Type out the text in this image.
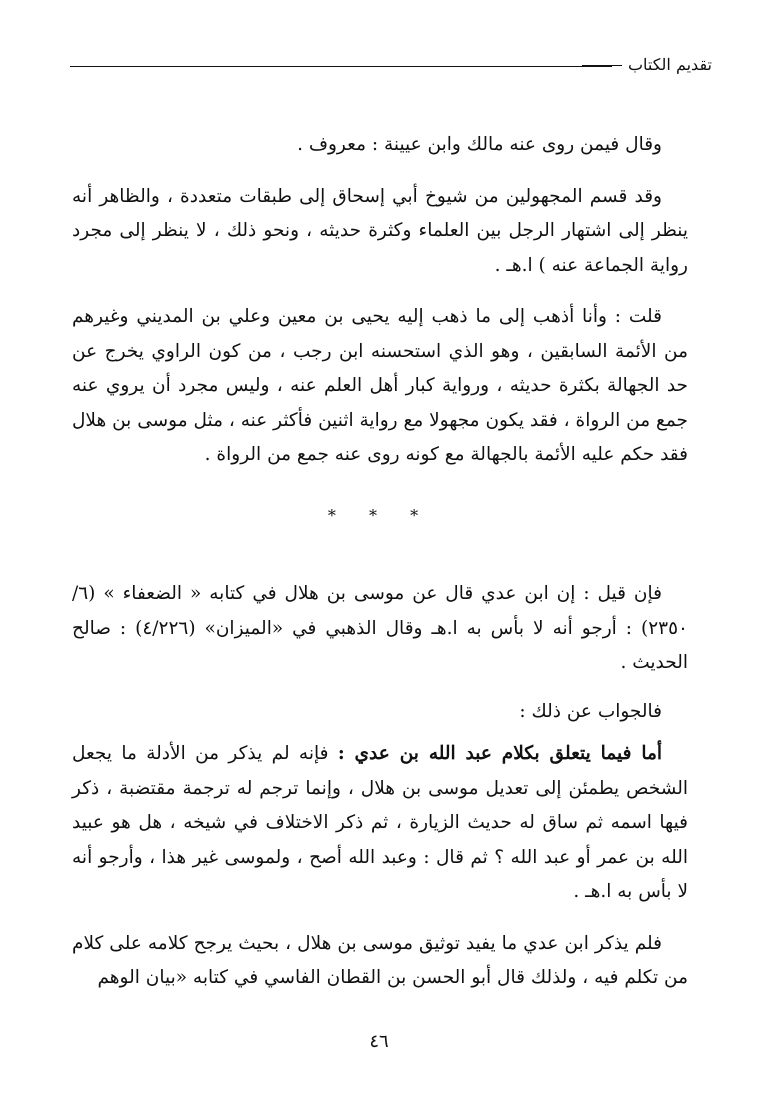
تقديم الكتاب

وقال فيمن روى عنه مالك وابن عيينة : معروف .

وقد قسم المجهولين من شيوخ أبي إسحاق إلى طبقات متعددة ، والظاهر أنه ينظر إلى اشتهار الرجل بين العلماء وكثرة حديثه ، ونحو ذلك ، لا ينظر إلى مجرد رواية الجماعة عنه ) ا.هـ .

قلت : وأنا أذهب إلى ما ذهب إليه يحيى بن معين وعلي بن المديني وغيرهم من الأئمة السابقين ، وهو الذي استحسنه ابن رجب ، من كون الراوي يخرج عن حد الجهالة بكثرة حديثه ، ورواية كبار أهل العلم عنه ، وليس مجرد أن يروي عنه جمع من الرواة ، فقد يكون مجهولا مع رواية اثنين فأكثر عنه ، مثل موسى بن هلال فقد حكم عليه الأئمة بالجهالة مع كونه روى عنه جمع من الرواة .

* * *

فإن قيل : إن ابن عدي قال عن موسى بن هلال في كتابه « الضعفاء » (٦/ ٢٣٥٠) : أرجو أنه لا بأس به ا.هـ وقال الذهبي في «الميزان» (٤/٢٢٦) : صالح الحديث .

فالجواب عن ذلك :

أما فيما يتعلق بكلام عبد الله بن عدي : فإنه لم يذكر من الأدلة ما يجعل الشخص يطمئن إلى تعديل موسى بن هلال ، وإنما ترجم له ترجمة مقتضبة ، ذكر فيها اسمه ثم ساق له حديث الزيارة ، ثم ذكر الاختلاف في شيخه ، هل هو عبيد الله بن عمر أو عبد الله ؟ ثم قال : وعبد الله أصح ، ولموسى غير هذا ، وأرجو أنه لا بأس به ا.هـ .

فلم يذكر ابن عدي ما يفيد توثيق موسى بن هلال ، بحيث يرجح كلامه على كلام من تكلم فيه ، ولذلك قال أبو الحسن بن القطان الفاسي في كتابه «بيان الوهم

٤٦
